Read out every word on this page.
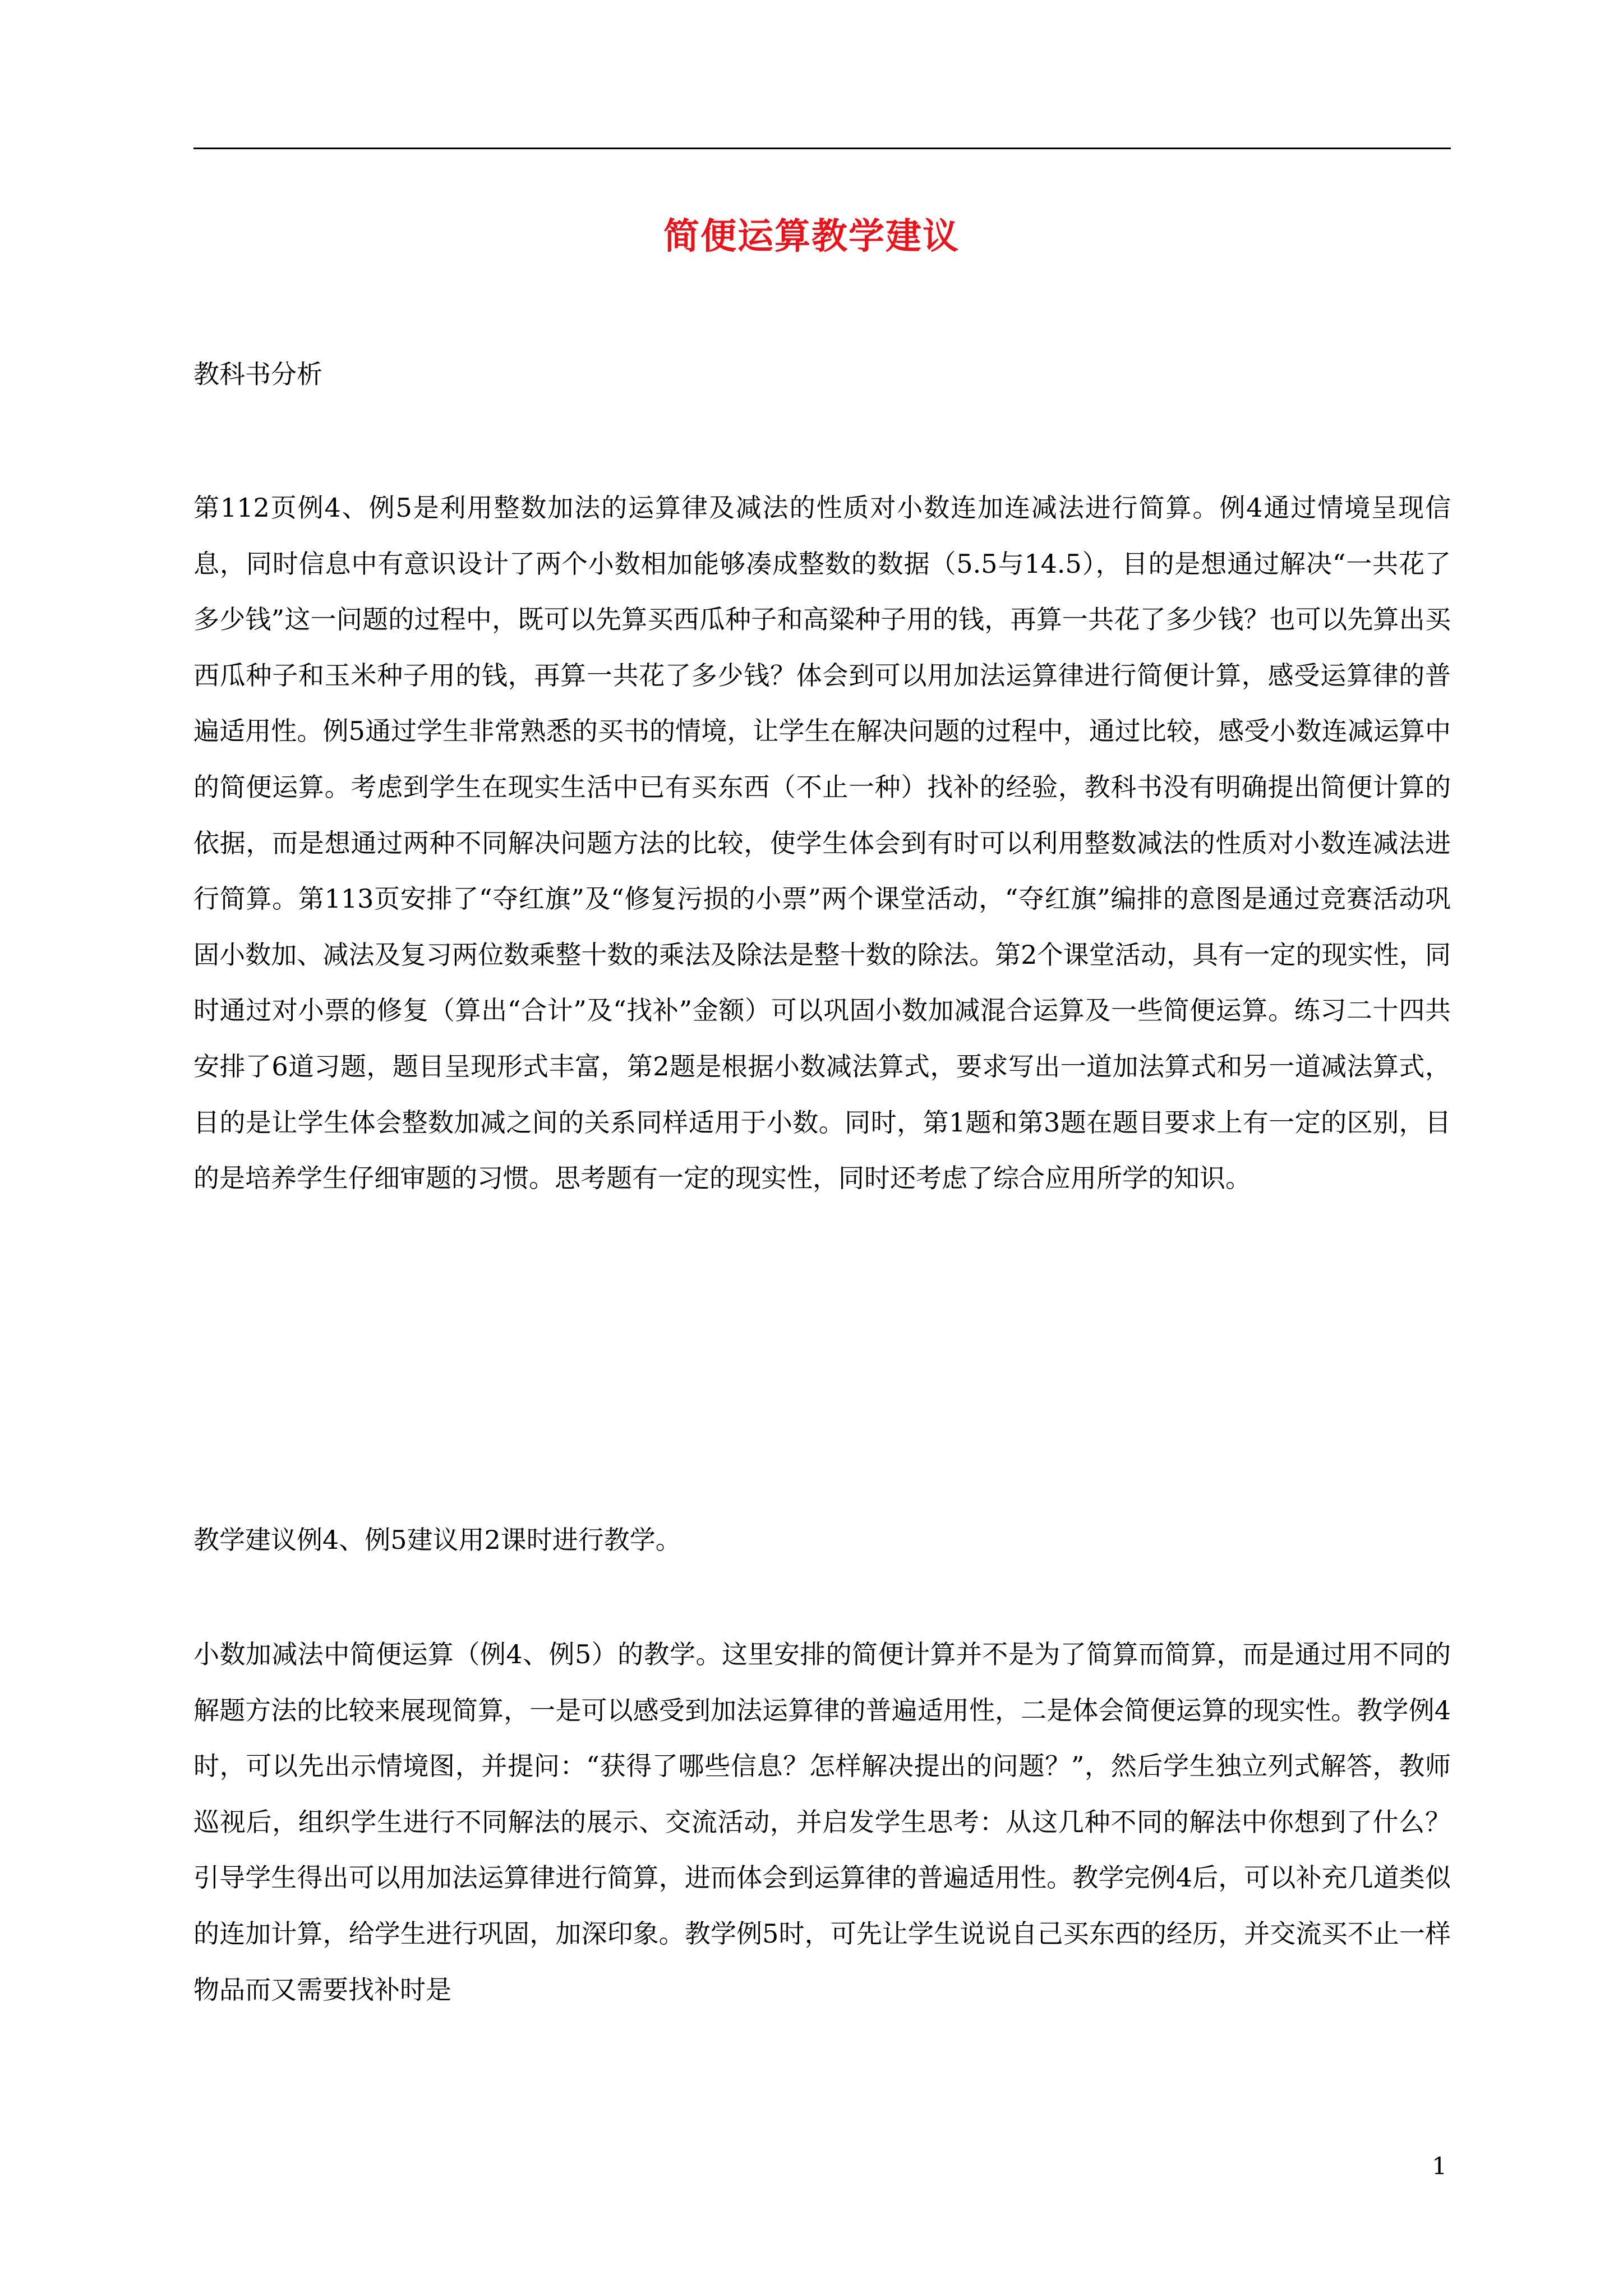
简便运算教学建议

教科书分析

第112页例4、例5是利用整数加法的运算律及减法的性质对小数连加连减法进行简算。例4通过情境呈现信息，同时信息中有意识设计了两个小数相加能够凑成整数的数据（5.5与14.5），目的是想通过解决“一共花了多少钱”这一问题的过程中，既可以先算买西瓜种子和高粱种子用的钱，再算一共花了多少钱？也可以先算出买西瓜种子和玉米种子用的钱，再算一共花了多少钱？体会到可以用加法运算律进行简便计算，感受运算律的普遍适用性。例5通过学生非常熟悉的买书的情境，让学生在解决问题的过程中，通过比较，感受小数连减运算中的简便运算。考虑到学生在现实生活中已有买东西（不止一种）找补的经验，教科书没有明确提出简便计算的依据，而是想通过两种不同解决问题方法的比较，使学生体会到有时可以利用整数减法的性质对小数连减法进行简算。第113页安排了“夺红旗”及“修复污损的小票”两个课堂活动，“夺红旗”编排的意图是通过竞赛活动巩固小数加、减法及复习两位数乘整十数的乘法及除法是整十数的除法。第2个课堂活动，具有一定的现实性，同时通过对小票的修复（算出“合计”及“找补”金额）可以巩固小数加减混合运算及一些简便运算。练习二十四共安排了6道习题，题目呈现形式丰富，第2题是根据小数减法算式，要求写出一道加法算式和另一道减法算式，目的是让学生体会整数加减之间的关系同样适用于小数。同时，第1题和第3题在题目要求上有一定的区别，目的是培养学生仔细审题的习惯。思考题有一定的现实性，同时还考虑了综合应用所学的知识。

教学建议例4、例5建议用2课时进行教学。

小数加减法中简便运算（例4、例5）的教学。这里安排的简便计算并不是为了简算而简算，而是通过用不同的解题方法的比较来展现简算，一是可以感受到加法运算律的普遍适用性，二是体会简便运算的现实性。教学例4时，可以先出示情境图，并提问：“获得了哪些信息？怎样解决提出的问题？”，然后学生独立列式解答，教师巡视后，组织学生进行不同解法的展示、交流活动，并启发学生思考：从这几种不同的解法中你想到了什么？引导学生得出可以用加法运算律进行简算，进而体会到运算律的普遍适用性。教学完例4后，可以补充几道类似的连加计算，给学生进行巩固，加深印象。教学例5时，可先让学生说说自己买东西的经历，并交流买不止一样物品而又需要找补时是

1
